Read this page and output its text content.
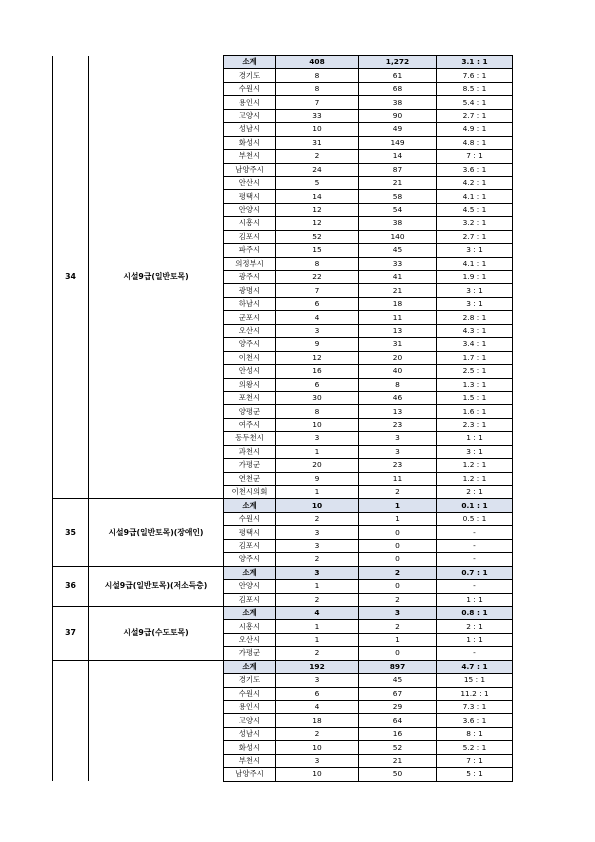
34	시설9급(일반토목)	소계	408	1,272	3.1 : 1
		경기도	8	61	7.6 : 1
		수원시	8	68	8.5 : 1
		용인시	7	38	5.4 : 1
		고양시	33	90	2.7 : 1
		성남시	10	49	4.9 : 1
		화성시	31	149	4.8 : 1
		부천시	2	14	7 : 1
		남양주시	24	87	3.6 : 1
		안산시	5	21	4.2 : 1
		평택시	14	58	4.1 : 1
		안양시	12	54	4.5 : 1
		시흥시	12	38	3.2 : 1
		김포시	52	140	2.7 : 1
		파주시	15	45	3 : 1
		의정부시	8	33	4.1 : 1
		광주시	22	41	1.9 : 1
		광명시	7	21	3 : 1
		하남시	6	18	3 : 1
		군포시	4	11	2.8 : 1
		오산시	3	13	4.3 : 1
		양주시	9	31	3.4 : 1
		이천시	12	20	1.7 : 1
		안성시	16	40	2.5 : 1
		의왕시	6	8	1.3 : 1
		포천시	30	46	1.5 : 1
		양평군	8	13	1.6 : 1
		여주시	10	23	2.3 : 1
		동두천시	3	3	1 : 1
		과천시	1	3	3 : 1
		가평군	20	23	1.2 : 1
		연천군	9	11	1.2 : 1
		이천시의회	1	2	2 : 1
35	시설9급(일반토목)(장애인)	소계	10	1	0.1 : 1
		수원시	2	1	0.5 : 1
		평택시	3	0	-
		김포시	3	0	-
		양주시	2	0	-
36	시설9급(일반토목)(저소득층)	소계	3	2	0.7 : 1
		안양시	1	0	-
		김포시	2	2	1 : 1
37	시설9급(수도토목)	소계	4	3	0.8 : 1
		시흥시	1	2	2 : 1
		오산시	1	1	1 : 1
		가평군	2	0	-
		소계	192	897	4.7 : 1
		경기도	3	45	15 : 1
		수원시	6	67	11.2 : 1
		용인시	4	29	7.3 : 1
		고양시	18	64	3.6 : 1
		성남시	2	16	8 : 1
		화성시	10	52	5.2 : 1
		부천시	3	21	7 : 1
		남양주시	10	50	5 : 1
